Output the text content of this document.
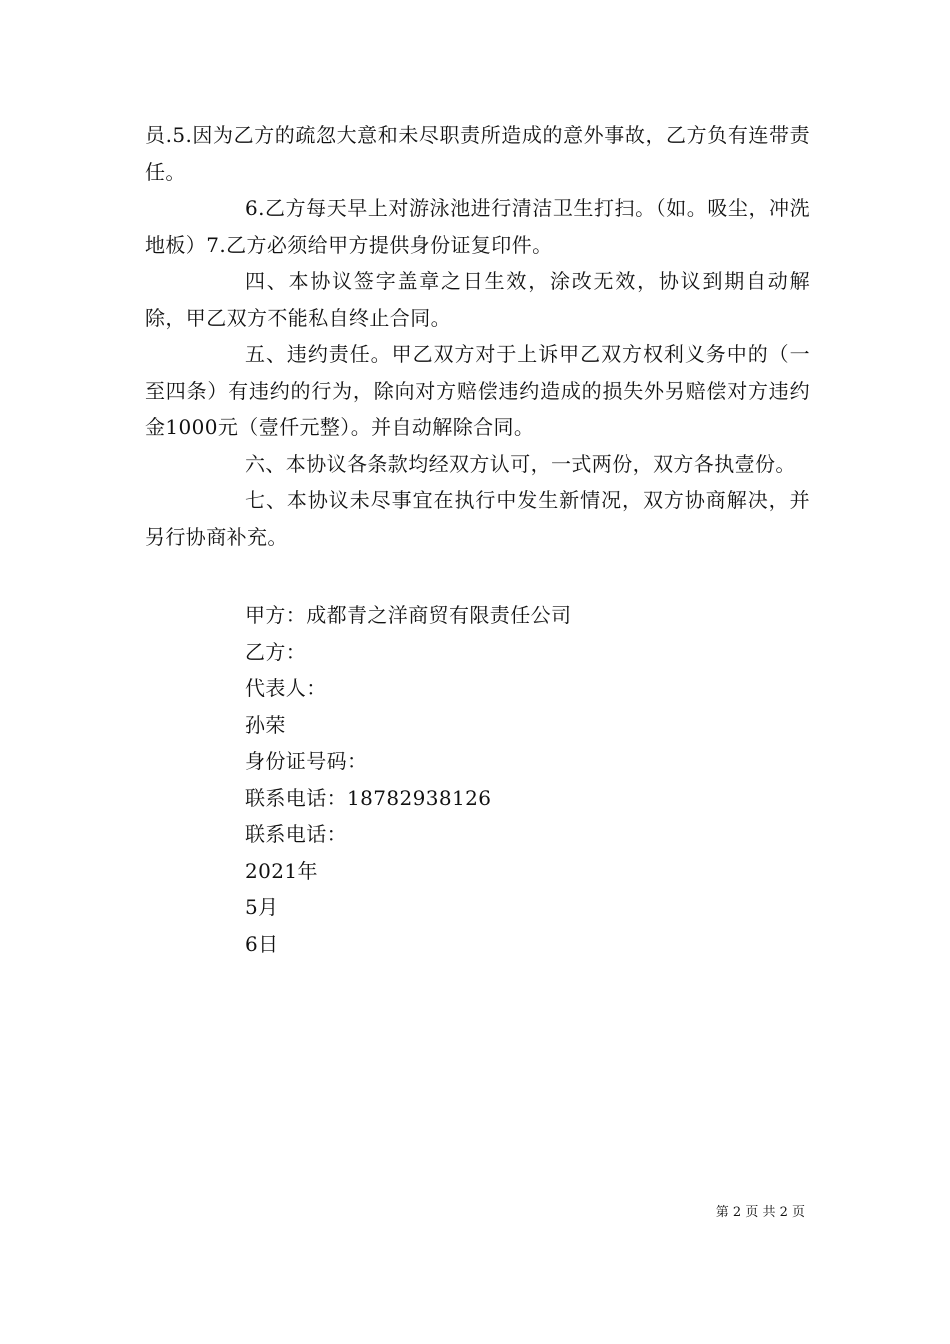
员.5.因为乙方的疏忽大意和未尽职责所造成的意外事故，乙方负有连带责任。

6.乙方每天早上对游泳池进行清洁卫生打扫。（如。吸尘，冲洗地板）7.乙方必须给甲方提供身份证复印件。

四、本协议签字盖章之日生效，涂改无效，协议到期自动解除，甲乙双方不能私自终止合同。

五、违约责任。甲乙双方对于上诉甲乙双方权利义务中的（一至四条）有违约的行为，除向对方赔偿违约造成的损失外另赔偿对方违约金1000元（壹仟元整）。并自动解除合同。

六、本协议各条款均经双方认可，一式两份，双方各执壹份。

七、本协议未尽事宜在执行中发生新情况，双方协商解决，并另行协商补充。

甲方：成都青之洋商贸有限责任公司

乙方：

代表人：

孙荣

身份证号码：

联系电话：18782938126

联系电话：

2021年

5月

6日

第 2 页 共 2 页
